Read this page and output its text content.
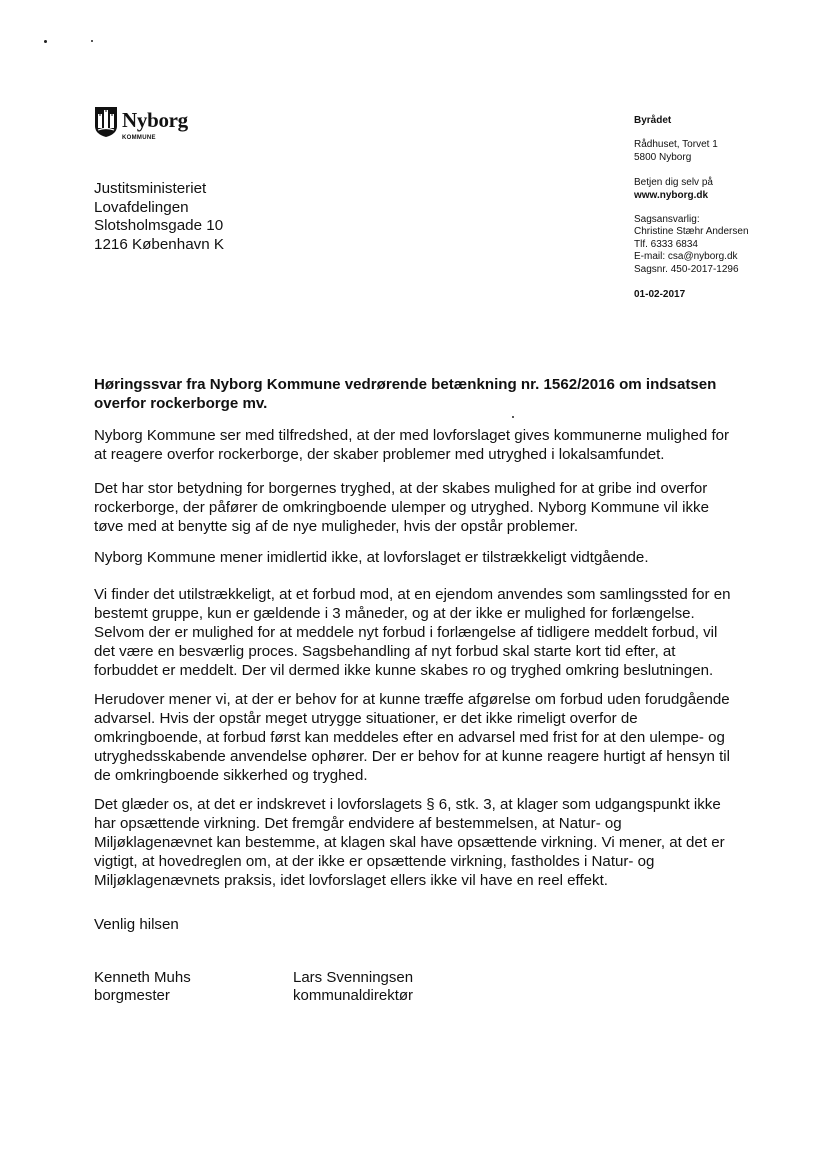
Nyborg
KOMMUNE
Justitsministeriet
Lovafdelingen
Slotsholmsgade 10
1216 København K
Byrådet
Rådhuset, Torvet 1
5800 Nyborg
Betjen dig selv på
www.nyborg.dk
Sagsansvarlig:
Christine Stæhr Andersen
Tlf. 6333 6834
E-mail: csa@nyborg.dk
Sagsnr. 450-2017-1296
01-02-2017
Høringssvar fra Nyborg Kommune vedrørende betænkning nr. 1562/2016 om indsatsen
overfor rockerborge mv.
Nyborg Kommune ser med tilfredshed, at der med lovforslaget gives kommunerne mulighed for
at reagere overfor rockerborge, der skaber problemer med utryghed i lokalsamfundet.
Det har stor betydning for borgernes tryghed, at der skabes mulighed for at gribe ind overfor
rockerborge, der påfører de omkringboende ulemper og utryghed. Nyborg Kommune vil ikke
tøve med at benytte sig af de nye muligheder, hvis der opstår problemer.
Nyborg Kommune mener imidlertid ikke, at lovforslaget er tilstrækkeligt vidtgående.
Vi finder det utilstrækkeligt, at et forbud mod, at en ejendom anvendes som samlingssted for en
bestemt gruppe, kun er gældende i 3 måneder, og at der ikke er mulighed for forlængelse.
Selvom der er mulighed for at meddele nyt forbud i forlængelse af tidligere meddelt forbud, vil
det være en besværlig proces. Sagsbehandling af nyt forbud skal starte kort tid efter, at
forbuddet er meddelt. Der vil dermed ikke kunne skabes ro og tryghed omkring beslutningen.
Herudover mener vi, at der er behov for at kunne træffe afgørelse om forbud uden forudgående
advarsel. Hvis der opstår meget utrygge situationer, er det ikke rimeligt overfor de
omkringboende, at forbud først kan meddeles efter en advarsel med frist for at den ulempe- og
utryghedsskabende anvendelse ophører. Der er behov for at kunne reagere hurtigt af hensyn til
de omkringboende sikkerhed og tryghed.
Det glæder os, at det er indskrevet i lovforslagets § 6, stk. 3, at klager som udgangspunkt ikke
har opsættende virkning. Det fremgår endvidere af bestemmelsen, at Natur- og
Miljøklagenævnet kan bestemme, at klagen skal have opsættende virkning. Vi mener, at det er
vigtigt, at hovedreglen om, at der ikke er opsættende virkning, fastholdes i Natur- og
Miljøklagenævnets praksis, idet lovforslaget ellers ikke vil have en reel effekt.
Venlig hilsen
Kenneth Muhs
borgmester
Lars Svenningsen
kommunaldirektør
